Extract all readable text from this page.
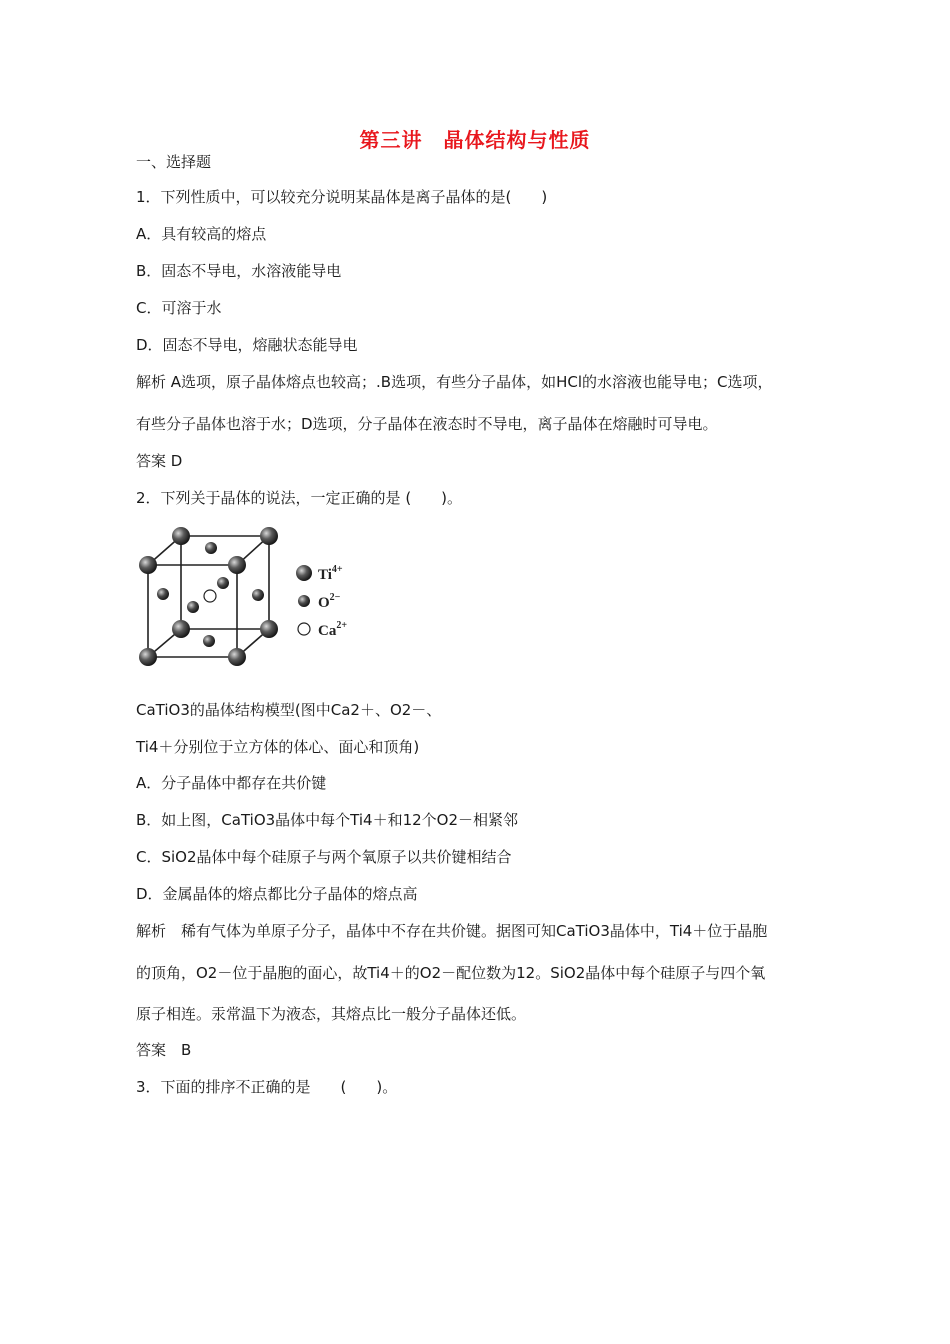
第三讲　晶体结构与性质
一、选择题
1．下列性质中，可以较充分说明某晶体是离子晶体的是(　　)
A．具有较高的熔点
B．固态不导电，水溶液能导电
C．可溶于水
D．固态不导电，熔融状态能导电
解析 A选项，原子晶体熔点也较高；.B选项，有些分子晶体，如HCl的水溶液也能导电；C选项，
有些分子晶体也溶于水；D选项，分子晶体在液态时不导电，离子晶体在熔融时可导电。
答案 D
2．下列关于晶体的说法，一定正确的是 (　　)。
$Ti^{4+}$
$O^{2-}$
$Ca^{2+}$
CaTiO3的晶体结构模型(图中Ca2＋、O2－、
Ti4＋分别位于立方体的体心、面心和顶角)
A．分子晶体中都存在共价键
B．如上图，CaTiO3晶体中每个Ti4＋和12个O2－相紧邻
C．SiO2晶体中每个硅原子与两个氧原子以共价键相结合
D．金属晶体的熔点都比分子晶体的熔点高
解析　稀有气体为单原子分子，晶体中不存在共价键。据图可知CaTiO3晶体中，Ti4＋位于晶胞
的顶角，O2－位于晶胞的面心，故Ti4＋的O2－配位数为12。SiO2晶体中每个硅原子与四个氧
原子相连。汞常温下为液态，其熔点比一般分子晶体还低。
答案　B
3．下面的排序不正确的是　　(　　)。
